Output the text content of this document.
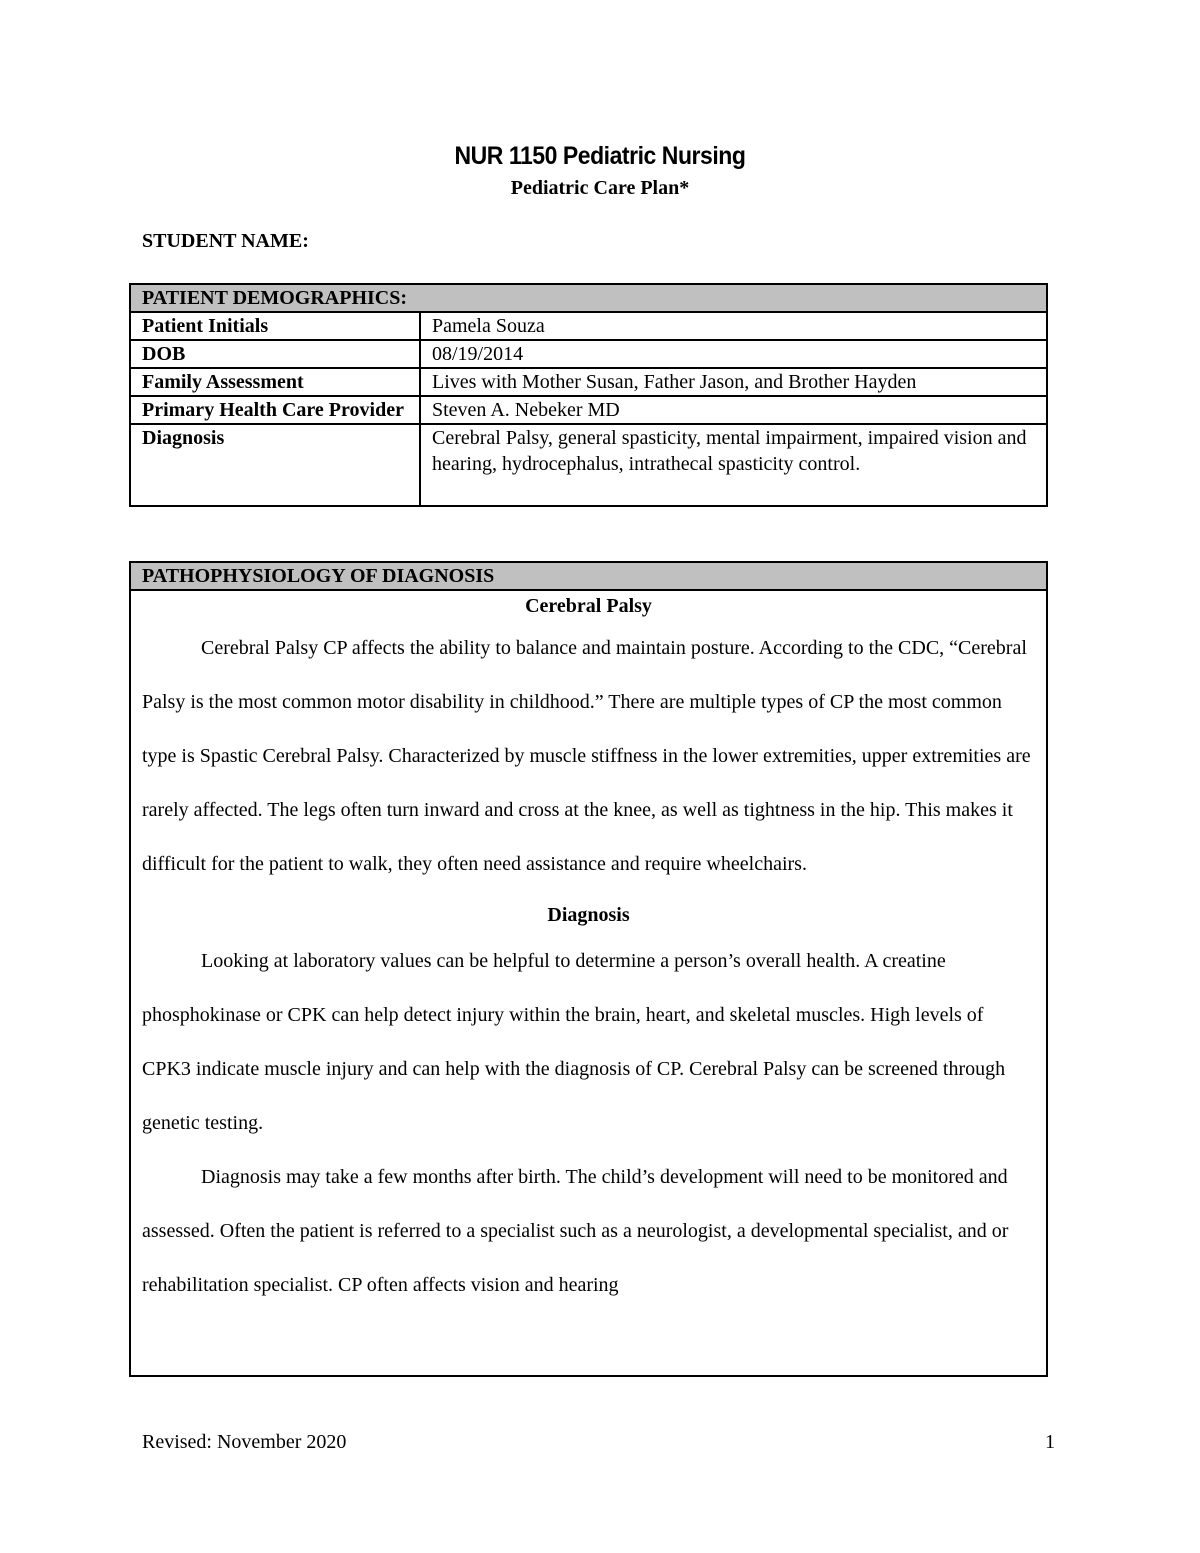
NUR 1150 Pediatric Nursing
Pediatric Care Plan*
STUDENT NAME:
PATIENT DEMOGRAPHICS:	
Patient Initials	Pamela Souza
DOB	08/19/2014
Family Assessment	Lives with Mother Susan, Father Jason, and Brother Hayden
Primary Health Care Provider	Steven A. Nebeker MD
Diagnosis	Cerebral Palsy, general spasticity, mental impairment, impaired vision and hearing, hydrocephalus, intrathecal spasticity control.
PATHOPHYSIOLOGY OF DIAGNOSIS

Cerebral Palsy

Cerebral Palsy CP affects the ability to balance and maintain posture. According to the CDC, “Cerebral Palsy is the most common motor disability in childhood.” There are multiple types of CP the most common type is Spastic Cerebral Palsy. Characterized by muscle stiffness in the lower extremities, upper extremities are rarely affected. The legs often turn inward and cross at the knee, as well as tightness in the hip. This makes it difficult for the patient to walk, they often need assistance and require wheelchairs.

Diagnosis

Looking at laboratory values can be helpful to determine a person’s overall health. A creatine phosphokinase or CPK can help detect injury within the brain, heart, and skeletal muscles. High levels of CPK3 indicate muscle injury and can help with the diagnosis of CP. Cerebral Palsy can be screened through genetic testing.

Diagnosis may take a few months after birth. The child’s development will need to be monitored and assessed. Often the patient is referred to a specialist such as a neurologist, a developmental specialist, and or rehabilitation specialist. CP often affects vision and hearing

Revised: November 2020	1
